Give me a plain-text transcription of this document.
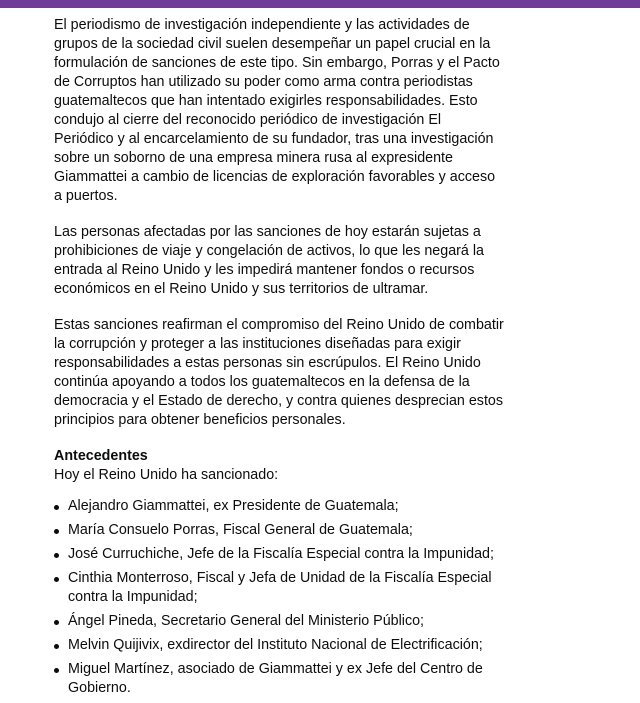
El periodismo de investigación independiente y las actividades de grupos de la sociedad civil suelen desempeñar un papel crucial en la formulación de sanciones de este tipo. Sin embargo, Porras y el Pacto de Corruptos han utilizado su poder como arma contra periodistas guatemaltecos que han intentado exigirles responsabilidades. Esto condujo al cierre del reconocido periódico de investigación El Periódico y al encarcelamiento de su fundador, tras una investigación sobre un soborno de una empresa minera rusa al expresidente Giammattei a cambio de licencias de exploración favorables y acceso a puertos.

Las personas afectadas por las sanciones de hoy estarán sujetas a prohibiciones de viaje y congelación de activos, lo que les negará la entrada al Reino Unido y les impedirá mantener fondos o recursos económicos en el Reino Unido y sus territorios de ultramar.

Estas sanciones reafirman el compromiso del Reino Unido de combatir la corrupción y proteger a las instituciones diseñadas para exigir responsabilidades a estas personas sin escrúpulos. El Reino Unido continúa apoyando a todos los guatemaltecos en la defensa de la democracia y el Estado de derecho, y contra quienes desprecian estos principios para obtener beneficios personales.

Antecedentes

Hoy el Reino Unido ha sancionado:

Alejandro Giammattei, ex Presidente de Guatemala;
María Consuelo Porras, Fiscal General de Guatemala;
José Curruchiche, Jefe de la Fiscalía Especial contra la Impunidad;
Cinthia Monterroso, Fiscal y Jefa de Unidad de la Fiscalía Especial contra la Impunidad;
Ángel Pineda, Secretario General del Ministerio Público;
Melvin Quijivix, exdirector del Instituto Nacional de Electrificación;
Miguel Martínez, asociado de Giammattei y ex Jefe del Centro de Gobierno.
